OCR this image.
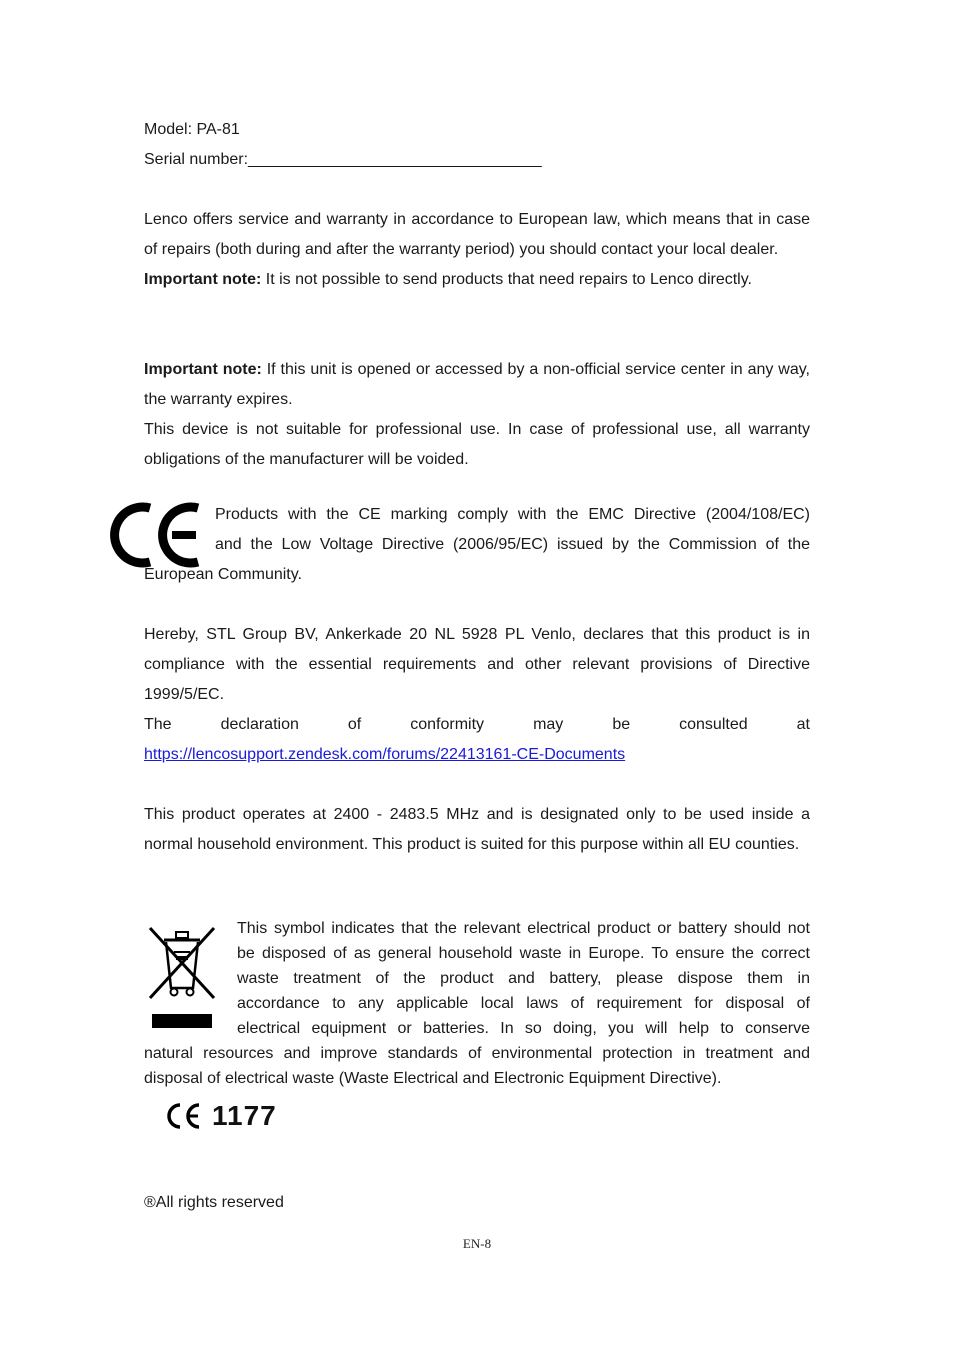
Model: PA-81

Serial number:_________________________________

Lenco offers service and warranty in accordance to European law, which means that in case of repairs (both during and after the warranty period) you should contact your local dealer.

Important note: It is not possible to send products that need repairs to Lenco directly.

Important note: If this unit is opened or accessed by a non-official service center in any way, the warranty expires.

This device is not suitable for professional use. In case of professional use, all warranty obligations of the manufacturer will be voided.

Products with the CE marking comply with the EMC Directive (2004/108/EC)

and the Low Voltage Directive (2006/95/EC) issued by the Commission of the

European Community.

Hereby, STL Group BV, Ankerkade 20 NL 5928 PL Venlo, declares that this product is in compliance with the essential requirements and other relevant provisions of Directive 1999/5/EC.

The declaration of conformity may be consulted at

https://lencosupport.zendesk.com/forums/22413161-CE-Documents

This product operates at 2400 - 2483.5 MHz and is designated only to be used inside a normal household environment. This product is suited for this purpose within all EU counties.

This symbol indicates that the relevant electrical product or battery should not

be disposed of as general household waste in Europe. To ensure the correct

waste treatment of the product and battery, please dispose them in

accordance to any applicable local laws of requirement for disposal of

electrical equipment or batteries. In so doing, you will help to conserve

natural resources and improve standards of environmental protection in treatment and

disposal of electrical waste (Waste Electrical and Electronic Equipment Directive).

1177

®All rights reserved

EN-8
